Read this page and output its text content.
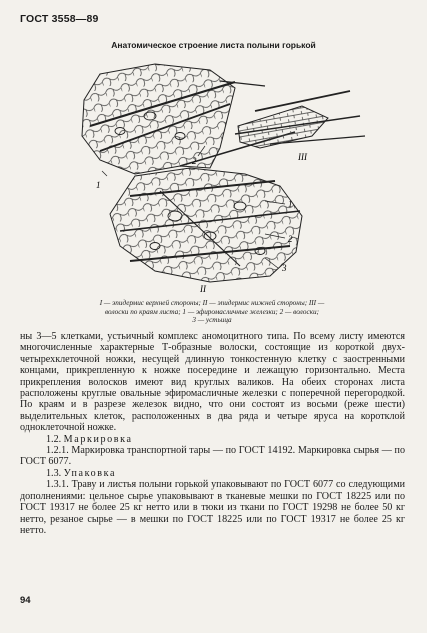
ГОСТ 3558—89
Анатомическое строение листа полыни горькой
1
2
1
2
3
II
III
I — эпидермис верхней стороны; II — эпидермис нижней стороны; III —
волоски по краям листа; 1 — эфиромасличные железки; 2 — волоски;
3 — устьица

ны 3—5 клетками, устьичный комплекс аномоцитного типа. По всему листу имеются многочисленные характерные Т-образные волоски, состоящие из короткой двух-четырехклеточной ножки, несущей длинную тонкостенную клетку с заостренными концами, прикрепленную к ножке посередине и лежащую горизонтально. Места прикрепления волосков имеют вид круглых валиков. На обеих сторонах листа расположены круглые овальные эфиромасличные железки с поперечной перегородкой. По краям и в разрезе железок видно, что они состоят из восьми (реже шести) выделительных клеток, расположенных в два ряда и четыре яруса на коротклой одноклеточной ножке.

1.2. Маркировка

1.2.1. Маркировка транспортной тары — по ГОСТ 14192. Маркировка сырья — по ГОСТ 6077.

1.3. Упаковка

1.3.1. Траву и листья полыни горькой упаковывают по ГОСТ 6077 со следующими дополнениями: цельное сырье упаковывают в тканевые мешки по ГОСТ 18225 или по ГОСТ 19317 не более 25 кг нетто или в тюки из ткани по ГОСТ 19298 не более 50 кг нетто, резаное сырье — в мешки по ГОСТ 18225 или по ГОСТ 19317 не более 25 кг нетто.

94
